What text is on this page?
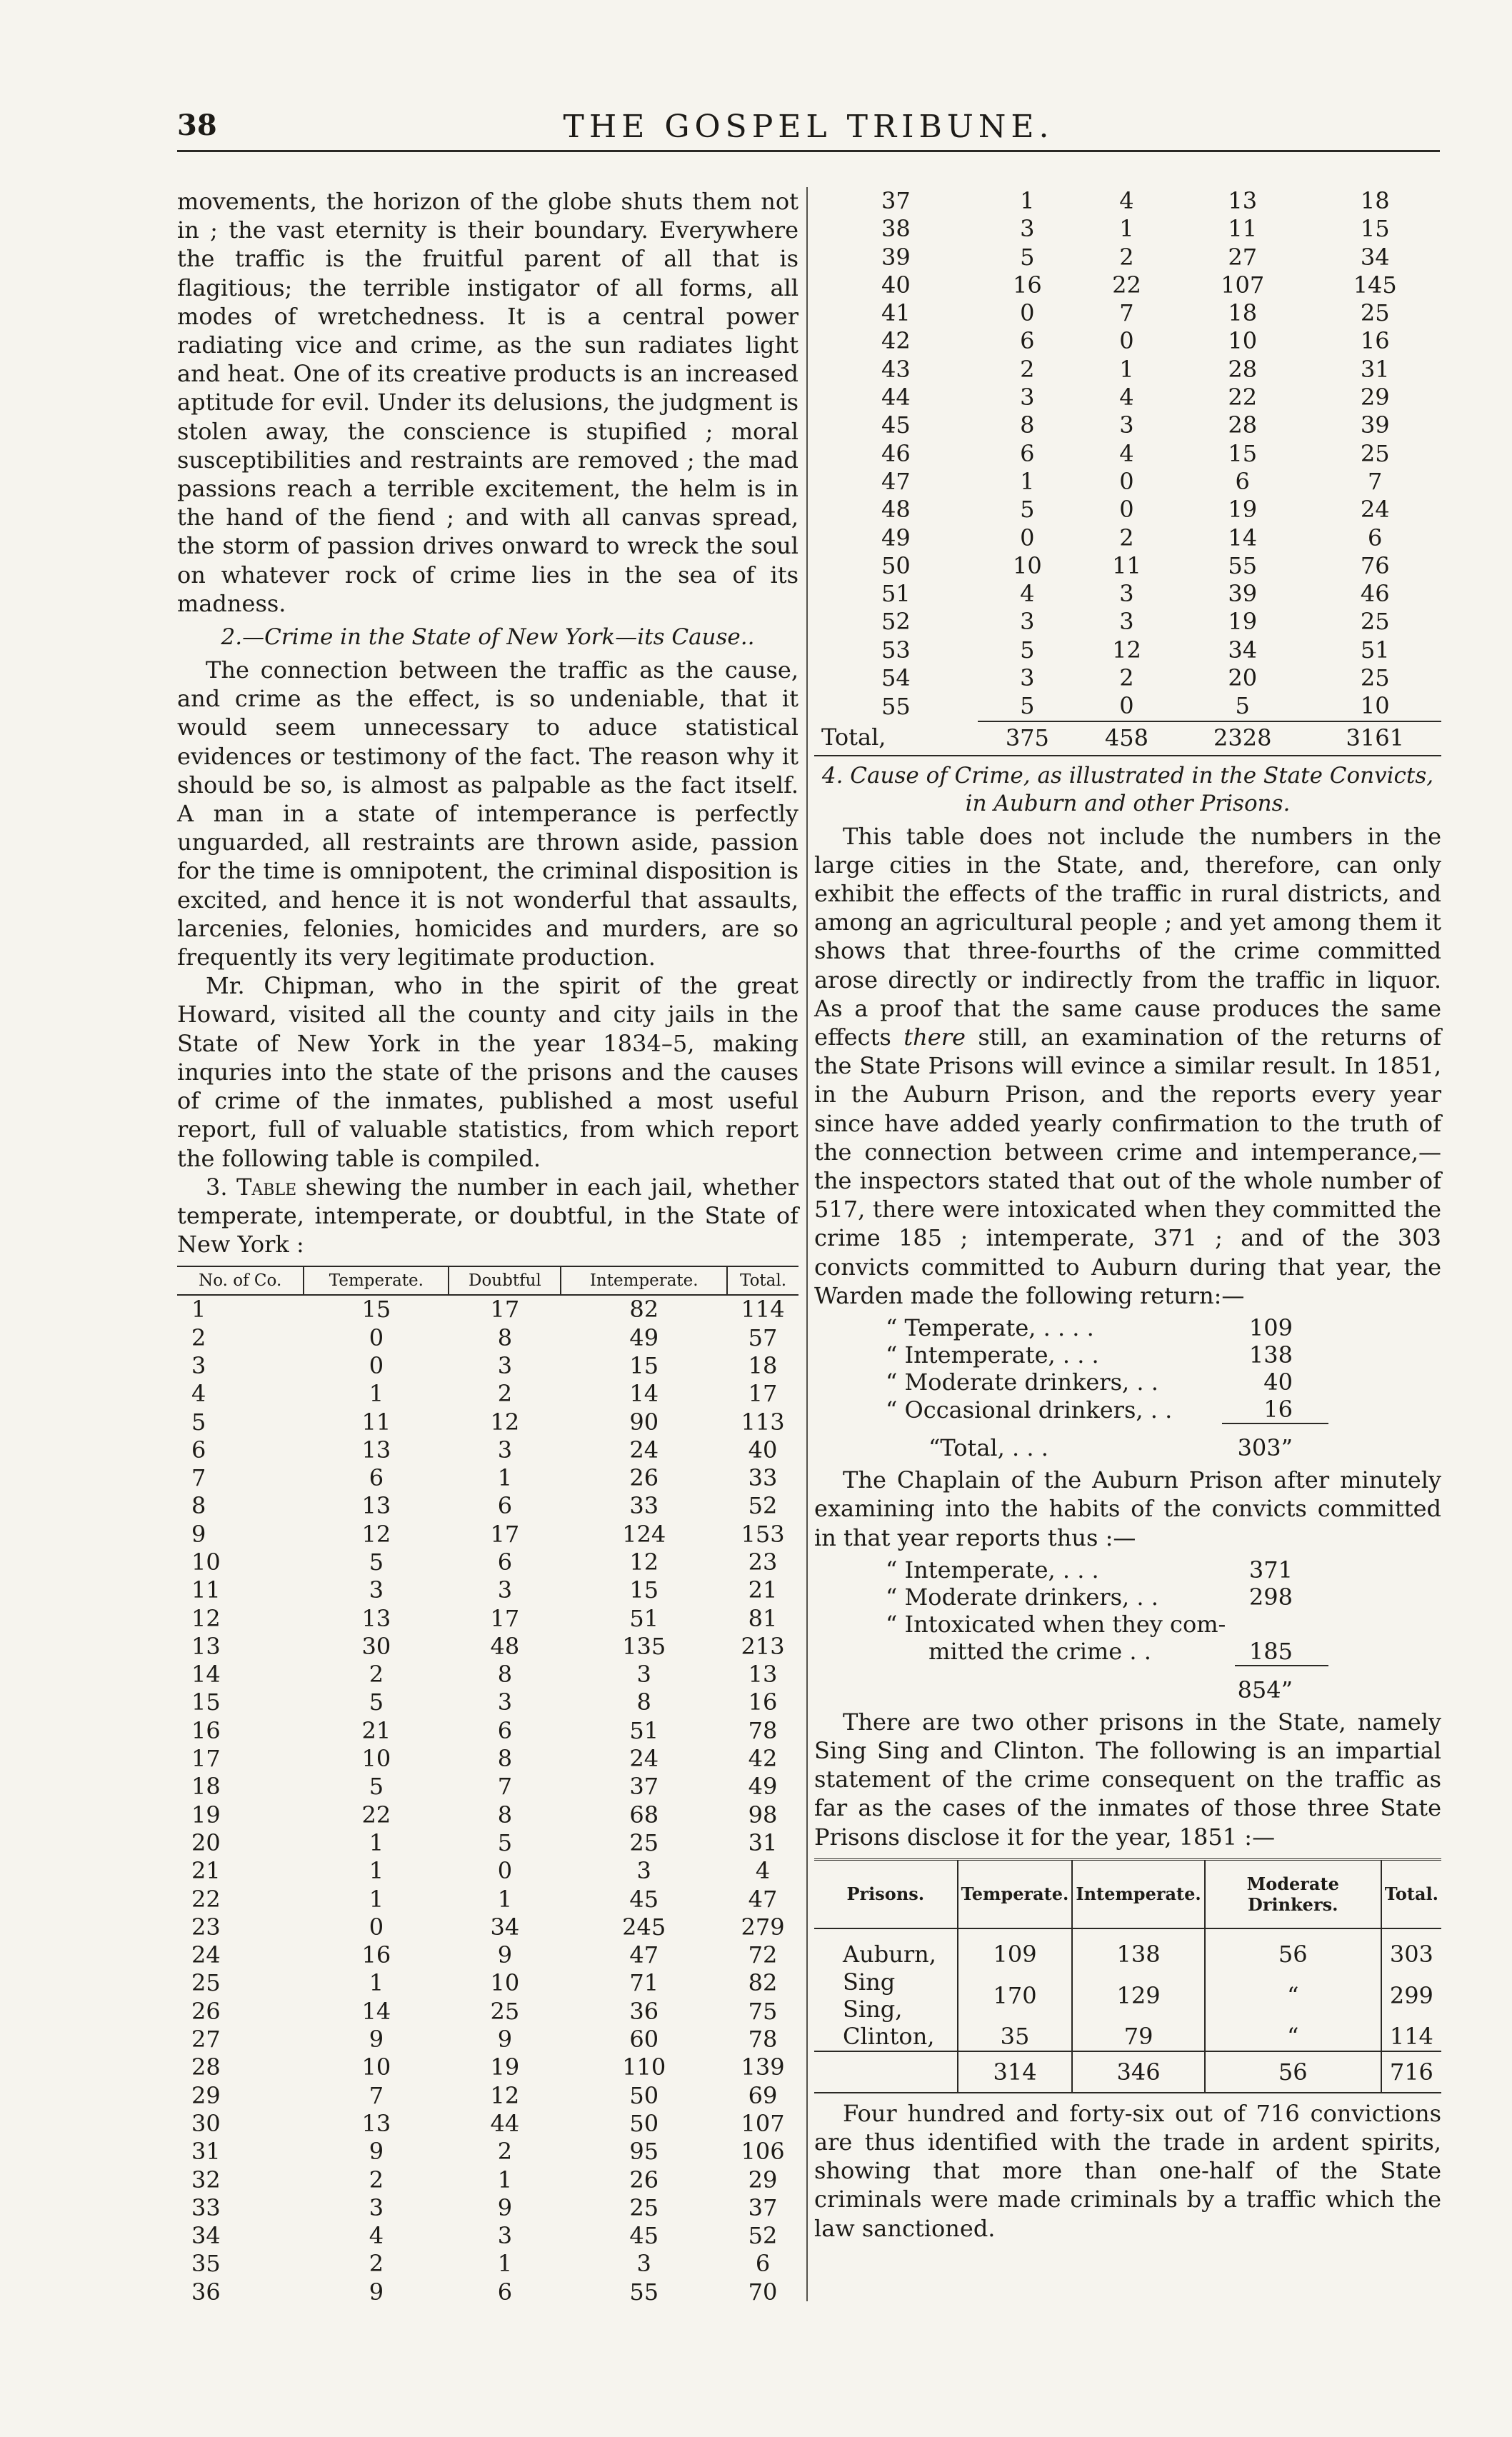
38	THE GOSPEL TRIBUNE.

movements, the horizon of the globe shuts them not in ; the vast eternity is their boundary. Everywhere the traffic is the fruitful parent of all that is flagitious; the terrible instigator of all forms, all modes of wretchedness. It is a central power radiating vice and crime, as the sun radiates light and heat. One of its creative products is an increased aptitude for evil. Under its delusions, the judgment is stolen away, the conscience is stupified ; moral susceptibilities and restraints are removed ; the mad passions reach a terrible excitement, the helm is in the hand of the fiend ; and with all canvas spread, the storm of passion drives onward to wreck the soul on whatever rock of crime lies in the sea of its madness.

2.—Crime in the State of New York—its Cause..

The connection between the traffic as the cause, and crime as the effect, is so undeniable, that it would seem unnecessary to aduce statistical evidences or testimony of the fact. The reason why it should be so, is almost as palpable as the fact itself. A man in a state of intemperance is perfectly unguarded, all restraints are thrown aside, passion for the time is omnipotent, the criminal disposition is excited, and hence it is not wonderful that assaults, larcenies, felonies, homicides and murders, are so frequently its very legitimate production.

Mr. Chipman, who in the spirit of the great Howard, visited all the county and city jails in the State of New York in the year 1834–5, making inquries into the state of the prisons and the causes of crime of the inmates, published a most useful report, full of valuable statistics, from which report the following table is compiled.

3. Table shewing the number in each jail, whether temperate, intemperate, or doubtful, in the State of New York :

No. of Co.	Temperate.	Doubtful	Intemperate.	Total.
1	15	17	82	114
2	0	8	49	57
3	0	3	15	18
4	1	2	14	17
5	11	12	90	113
6	13	3	24	40
7	6	1	26	33
8	13	6	33	52
9	12	17	124	153
10	5	6	12	23
11	3	3	15	21
12	13	17	51	81
13	30	48	135	213
14	2	8	3	13
15	5	3	8	16
16	21	6	51	78
17	10	8	24	42
18	5	7	37	49
19	22	8	68	98
20	1	5	25	31
21	1	0	3	4
22	1	1	45	47
23	0	34	245	279
24	16	9	47	72
25	1	10	71	82
26	14	25	36	75
27	9	9	60	78
28	10	19	110	139
29	7	12	50	69
30	13	44	50	107
31	9	2	95	106
32	2	1	26	29
33	3	9	25	37
34	4	3	45	52
35	2	1	3	6
36	9	6	55	70
37	1	4	13	18
38	3	1	11	15
39	5	2	27	34
40	16	22	107	145
41	0	7	18	25
42	6	0	10	16
43	2	1	28	31
44	3	4	22	29
45	8	3	28	39
46	6	4	15	25
47	1	0	6	7
48	5	0	19	24
49	0	2	14	6
50	10	11	55	76
51	4	3	39	46
52	3	3	19	25
53	5	12	34	51
54	3	2	20	25
55	5	0	5	10
Total,	375	458	2328	3161

4. Cause of Crime, as illustrated in the State Convicts, in Auburn and other Prisons.

This table does not include the numbers in the large cities in the State, and, therefore, can only exhibit the effects of the traffic in rural districts, and among an agricultural people ; and yet among them it shows that three-fourths of the crime committed arose directly or indirectly from the traffic in liquor. As a proof that the same cause produces the same effects there still, an examination of the returns of the State Prisons will evince a similar result. In 1851, in the Auburn Prison, and the reports every year since have added yearly confirmation to the truth of the connection between crime and intemperance,—the inspectors stated that out of the whole number of 517, there were intoxicated when they committed the crime 185 ; intemperate, 371 ; and of the 303 convicts committed to Auburn during that year, the Warden made the following return:—

“ Temperate, . . . .	109
“ Intemperate, . . .	138
“ Moderate drinkers, . .	40
“ Occasional drinkers, . .	16
“Total, . . .	303”

The Chaplain of the Auburn Prison after minutely examining into the habits of the convicts committed in that year reports thus :—

“ Intemperate, . . .	371
“ Moderate drinkers, . .	298
“ Intoxicated when they com-	
mitted the crime . .	185
	854”

There are two other prisons in the State, namely Sing Sing and Clinton. The following is an impartial statement of the crime consequent on the traffic as far as the cases of the inmates of those three State Prisons disclose it for the year, 1851 :—

Prisons.	Temperate.	Intemperate.	Moderate Drinkers.	Total.
Auburn,	109	138	56	303
Sing Sing,	170	129	“	299
Clinton,	35	79	“	114
	314	346	56	716

Four hundred and forty-six out of 716 convictions are thus identified with the trade in ardent spirits, showing that more than one-half of the State criminals were made criminals by a traffic which the law sanctioned.
